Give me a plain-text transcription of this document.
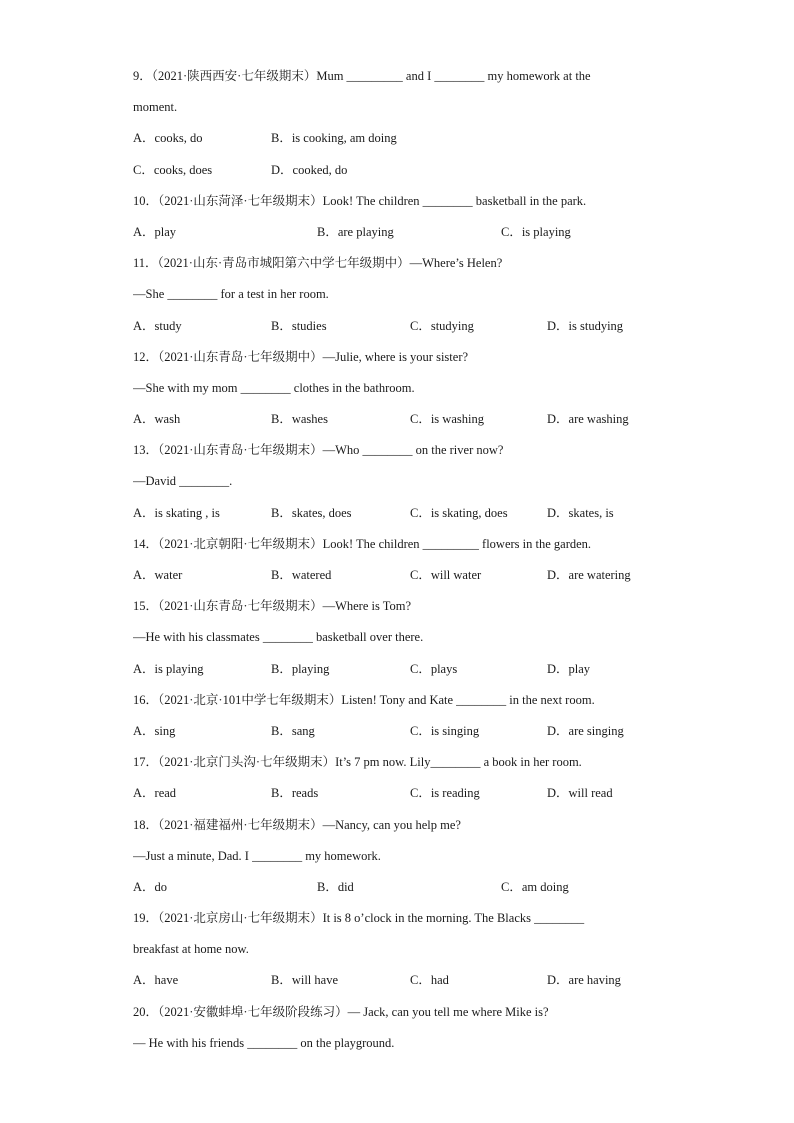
9．（2021·陕西西安·七年级期末）Mum _________ and I ________ my homework at the
moment.
A．cooks, do	B．is cooking, am doing
C．cooks, does	D．cooked, do
10．（2021·山东菏泽·七年级期末）Look! The children ________ basketball in the park.
A．play	B．are playing	C．is playing
11．（2021·山东·青岛市城阳第六中学七年级期中）—Where’s Helen?
—She ________ for a test in her room.
A．study	B．studies	C．studying	D．is studying
12．（2021·山东青岛·七年级期中）—Julie, where is your sister?
—She with my mom ________ clothes in the bathroom.
A．wash	B．washes	C．is washing	D．are washing
13．（2021·山东青岛·七年级期末）—Who ________ on the river now?
—David ________.
A．is skating , is	B．skates, does	C．is skating, does	D．skates, is
14．（2021·北京朝阳·七年级期末）Look! The children _________ flowers in the garden.
A．water	B．watered	C．will water	D．are watering
15．（2021·山东青岛·七年级期末）—Where is Tom?
—He with his classmates ________ basketball over there.
A．is playing	B．playing	C．plays	D．play
16．（2021·北京·101中学七年级期末）Listen! Tony and Kate ________ in the next room.
A．sing	B．sang	C．is singing	D．are singing
17．（2021·北京门头沟·七年级期末）It’s 7 pm now. Lily________ a book in her room.
A．read	B．reads	C．is reading	D．will read
18．（2021·福建福州·七年级期末）—Nancy, can you help me?
—Just a minute, Dad. I ________ my homework.
A．do	B．did	C．am doing
19．（2021·北京房山·七年级期末）It is 8 o’clock in the morning. The Blacks ________
breakfast at home now.
A．have	B．will have	C．had	D．are having
20．（2021·安徽蚌埠·七年级阶段练习）— Jack, can you tell me where Mike is?
— He with his friends ________ on the playground.
